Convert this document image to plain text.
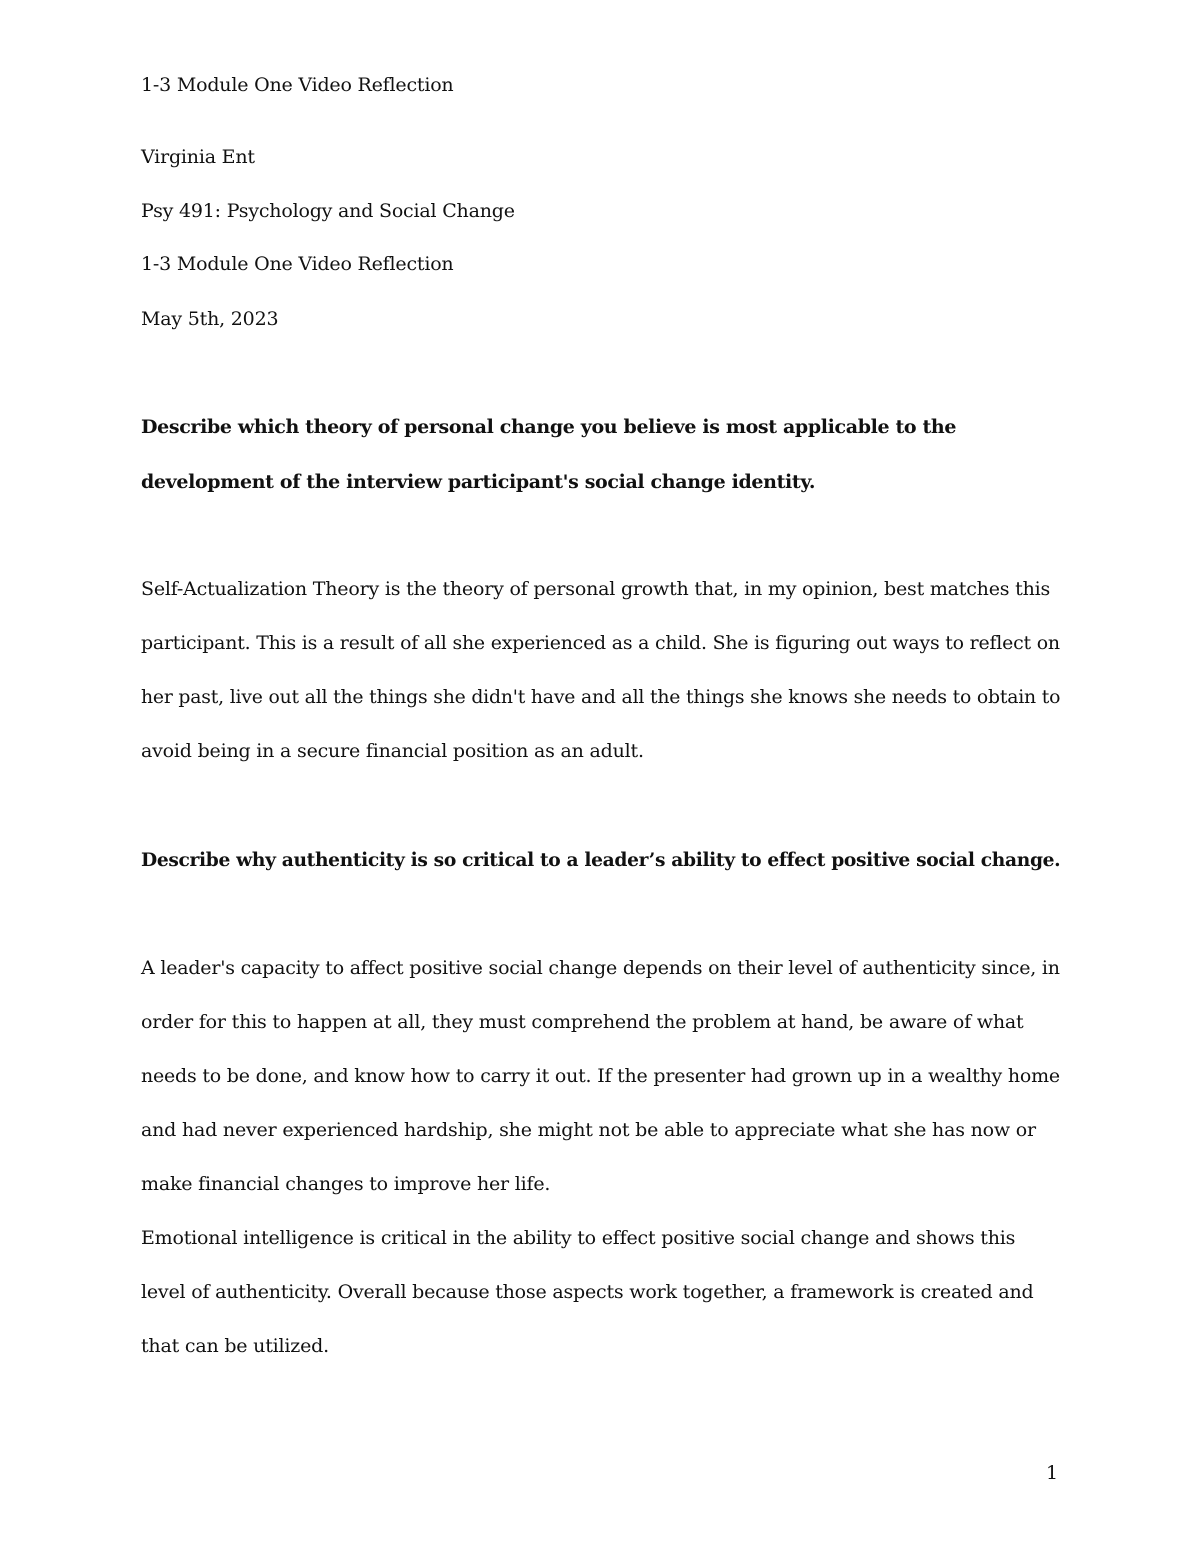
1-3 Module One Video Reflection

Virginia Ent

Psy 491: Psychology and Social Change

1-3 Module One Video Reflection

May 5th, 2023

Describe which theory of personal change you believe is most applicable to the

development of the interview participant's social change identity.

Self-Actualization Theory is the theory of personal growth that, in my opinion, best matches this

participant. This is a result of all she experienced as a child. She is figuring out ways to reflect on

her past, live out all the things she didn't have and all the things she knows she needs to obtain to

avoid being in a secure financial position as an adult.

Describe why authenticity is so critical to a leader’s ability to effect positive social change.

A leader's capacity to affect positive social change depends on their level of authenticity since, in

order for this to happen at all, they must comprehend the problem at hand, be aware of what

needs to be done, and know how to carry it out. If the presenter had grown up in a wealthy home

and had never experienced hardship, she might not be able to appreciate what she has now or

make financial changes to improve her life.

Emotional intelligence is critical in the ability to effect positive social change and shows this

level of authenticity. Overall because those aspects work together, a framework is created and

that can be utilized.

1
